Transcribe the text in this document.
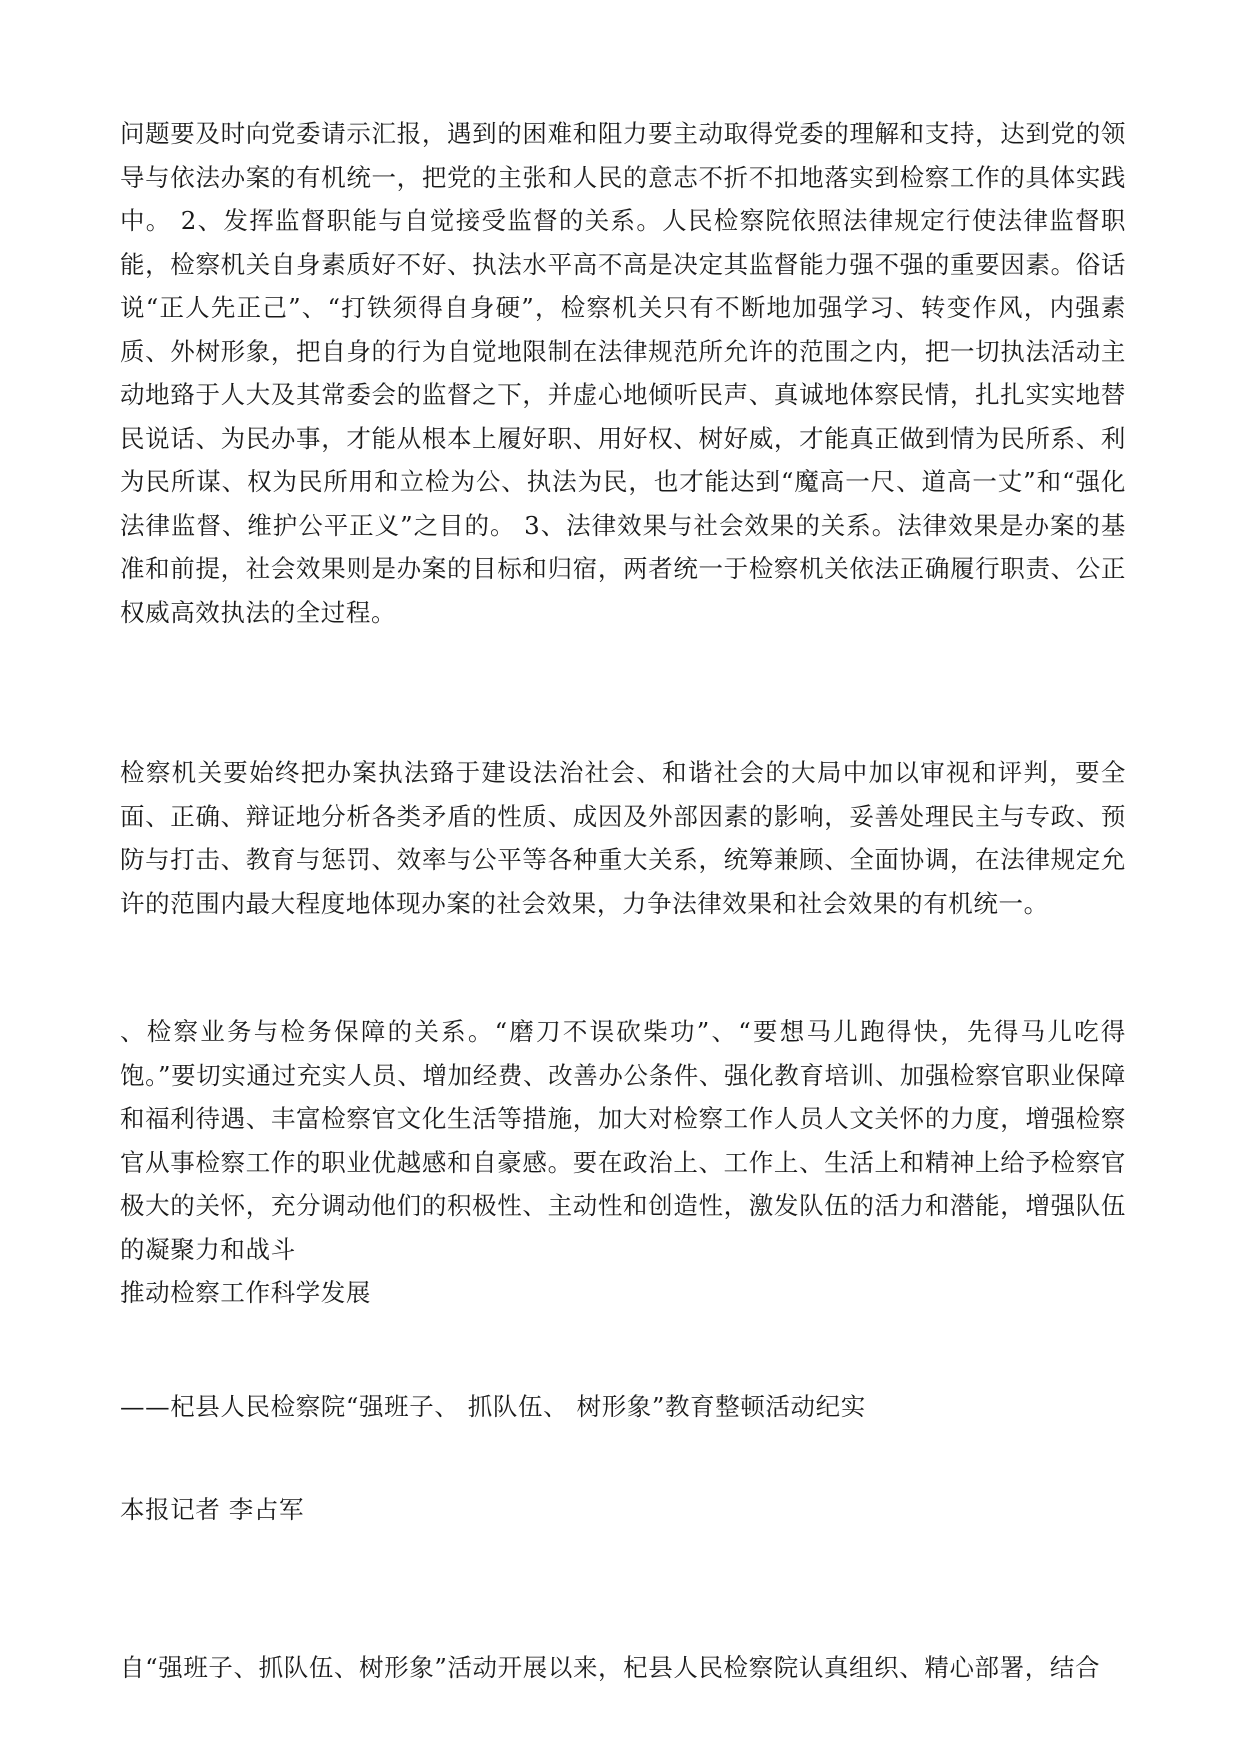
问题要及时向党委请示汇报，遇到的困难和阻力要主动取得党委的理解和支持，达到党的领导与依法办案的有机统一，把党的主张和人民的意志不折不扣地落实到检察工作的具体实践中。 2、发挥监督职能与自觉接受监督的关系。人民检察院依照法律规定行使法律监督职能，检察机关自身素质好不好、执法水平高不高是决定其监督能力强不强的重要因素。俗话说“正人先正己”、“打铁须得自身硬”，检察机关只有不断地加强学习、转变作风，内强素质、外树形象，把自身的行为自觉地限制在法律规范所允许的范围之内，把一切执法活动主动地臵于人大及其常委会的监督之下，并虚心地倾听民声、真诚地体察民情，扎扎实实地替民说话、为民办事，才能从根本上履好职、用好权、树好威，才能真正做到情为民所系、利为民所谋、权为民所用和立检为公、执法为民，也才能达到“魔高一尺、道高一丈”和“强化法律监督、维护公平正义”之目的。 3、法律效果与社会效果的关系。法律效果是办案的基准和前提，社会效果则是办案的目标和归宿，两者统一于检察机关依法正确履行职责、公正权威高效执法的全过程。
检察机关要始终把办案执法臵于建设法治社会、和谐社会的大局中加以审视和评判，要全面、正确、辩证地分析各类矛盾的性质、成因及外部因素的影响，妥善处理民主与专政、预防与打击、教育与惩罚、效率与公平等各种重大关系，统筹兼顾、全面协调，在法律规定允许的范围内最大程度地体现办案的社会效果，力争法律效果和社会效果的有机统一。
、检察业务与检务保障的关系。“磨刀不误砍柴功”、“要想马儿跑得快，先得马儿吃得饱。”要切实通过充实人员、增加经费、改善办公条件、强化教育培训、加强检察官职业保障和福利待遇、丰富检察官文化生活等措施，加大对检察工作人员人文关怀的力度，增强检察官从事检察工作的职业优越感和自豪感。要在政治上、工作上、生活上和精神上给予检察官极大的关怀，充分调动他们的积极性、主动性和创造性，激发队伍的活力和潜能，增强队伍的凝聚力和战斗
推动检察工作科学发展
——杞县人民检察院“强班子、 抓队伍、 树形象”教育整顿活动纪实
本报记者 李占军
自“强班子、抓队伍、树形象”活动开展以来，杞县人民检察院认真组织、精心部署，结合
